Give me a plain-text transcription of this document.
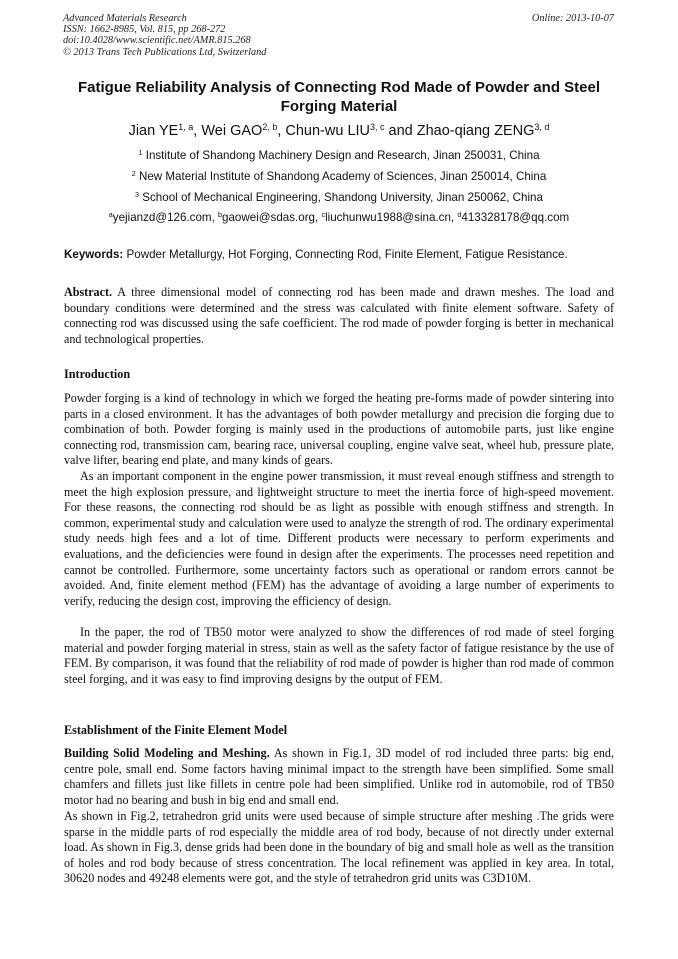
Advanced Materials Research
ISSN: 1662-8985, Vol. 815, pp 268-272
doi:10.4028/www.scientific.net/AMR.815.268
© 2013 Trans Tech Publications Ltd, Switzerland
Online: 2013-10-07
Fatigue Reliability Analysis of Connecting Rod Made of Powder and Steel Forging Material
Jian YE$^{1, a}$, Wei GAO$^{2, b}$, Chun-wu LIU$^{3, c}$ and Zhao-qiang ZENG$^{3, d}$
$^1$ Institute of Shandong Machinery Design and Research, Jinan 250031, China
$^2$ New Material Institute of Shandong Academy of Sciences, Jinan 250014, China
$^3$ School of Mechanical Engineering, Shandong University, Jinan 250062, China
$^a$yejianzd@126.com, $^b$gaowei@sdas.org, $^c$liuchunwu1988@sina.cn, $^d$413328178@qq.com
Keywords: Powder Metallurgy, Hot Forging, Connecting Rod, Finite Element, Fatigue Resistance.

Abstract. A three dimensional model of connecting rod has been made and drawn meshes. The load and boundary conditions were determined and the stress was calculated with finite element software. Safety of connecting rod was discussed using the safe coefficient. The rod made of powder forging is better in mechanical and technological properties.

Introduction

Powder forging is a kind of technology in which we forged the heating pre-forms made of powder sintering into parts in a closed environment. It has the advantages of both powder metallurgy and precision die forging due to combination of both. Powder forging is mainly used in the productions of automobile parts, just like engine connecting rod, transmission cam, bearing race, universal coupling, engine valve seat, wheel hub, pressure plate, valve lifter, bearing end plate, and many kinds of gears.

As an important component in the engine power transmission, it must reveal enough stiffness and strength to meet the high explosion pressure, and lightweight structure to meet the inertia force of high-speed movement. For these reasons, the connecting rod should be as light as possible with enough stiffness and strength. In common, experimental study and calculation were used to analyze the strength of rod. The ordinary experimental study needs high fees and a lot of time. Different products were necessary to perform experiments and evaluations, and the deficiencies were found in design after the experiments. The processes need repetition and cannot be controlled. Furthermore, some uncertainty factors such as operational or random errors cannot be avoided. And, finite element method (FEM) has the advantage of avoiding a large number of experiments to verify, reducing the design cost, improving the efficiency of design.

In the paper, the rod of TB50 motor were analyzed to show the differences of rod made of steel forging material and powder forging material in stress, stain as well as the safety factor of fatigue resistance by the use of FEM. By comparison, it was found that the reliability of rod made of powder is higher than rod made of common steel forging, and it was easy to find improving designs by the output of FEM.

Establishment of the Finite Element Model

Building Solid Modeling and Meshing. As shown in Fig.1, 3D model of rod included three parts: big end, centre pole, small end. Some factors having minimal impact to the strength have been simplified. Some small chamfers and fillets just like fillets in centre pole had been simplified. Unlike rod in automobile, rod of TB50 motor had no bearing and bush in big end and small end.

As shown in Fig.2, tetrahedron grid units were used because of simple structure after meshing .The grids were sparse in the middle parts of rod especially the middle area of rod body, because of not directly under external load. As shown in Fig.3, dense grids had been done in the boundary of big and small hole as well as the transition of holes and rod body because of stress concentration. The local refinement was applied in key area. In total, 30620 nodes and 49248 elements were got, and the style of tetrahedron grid units was C3D10M.
